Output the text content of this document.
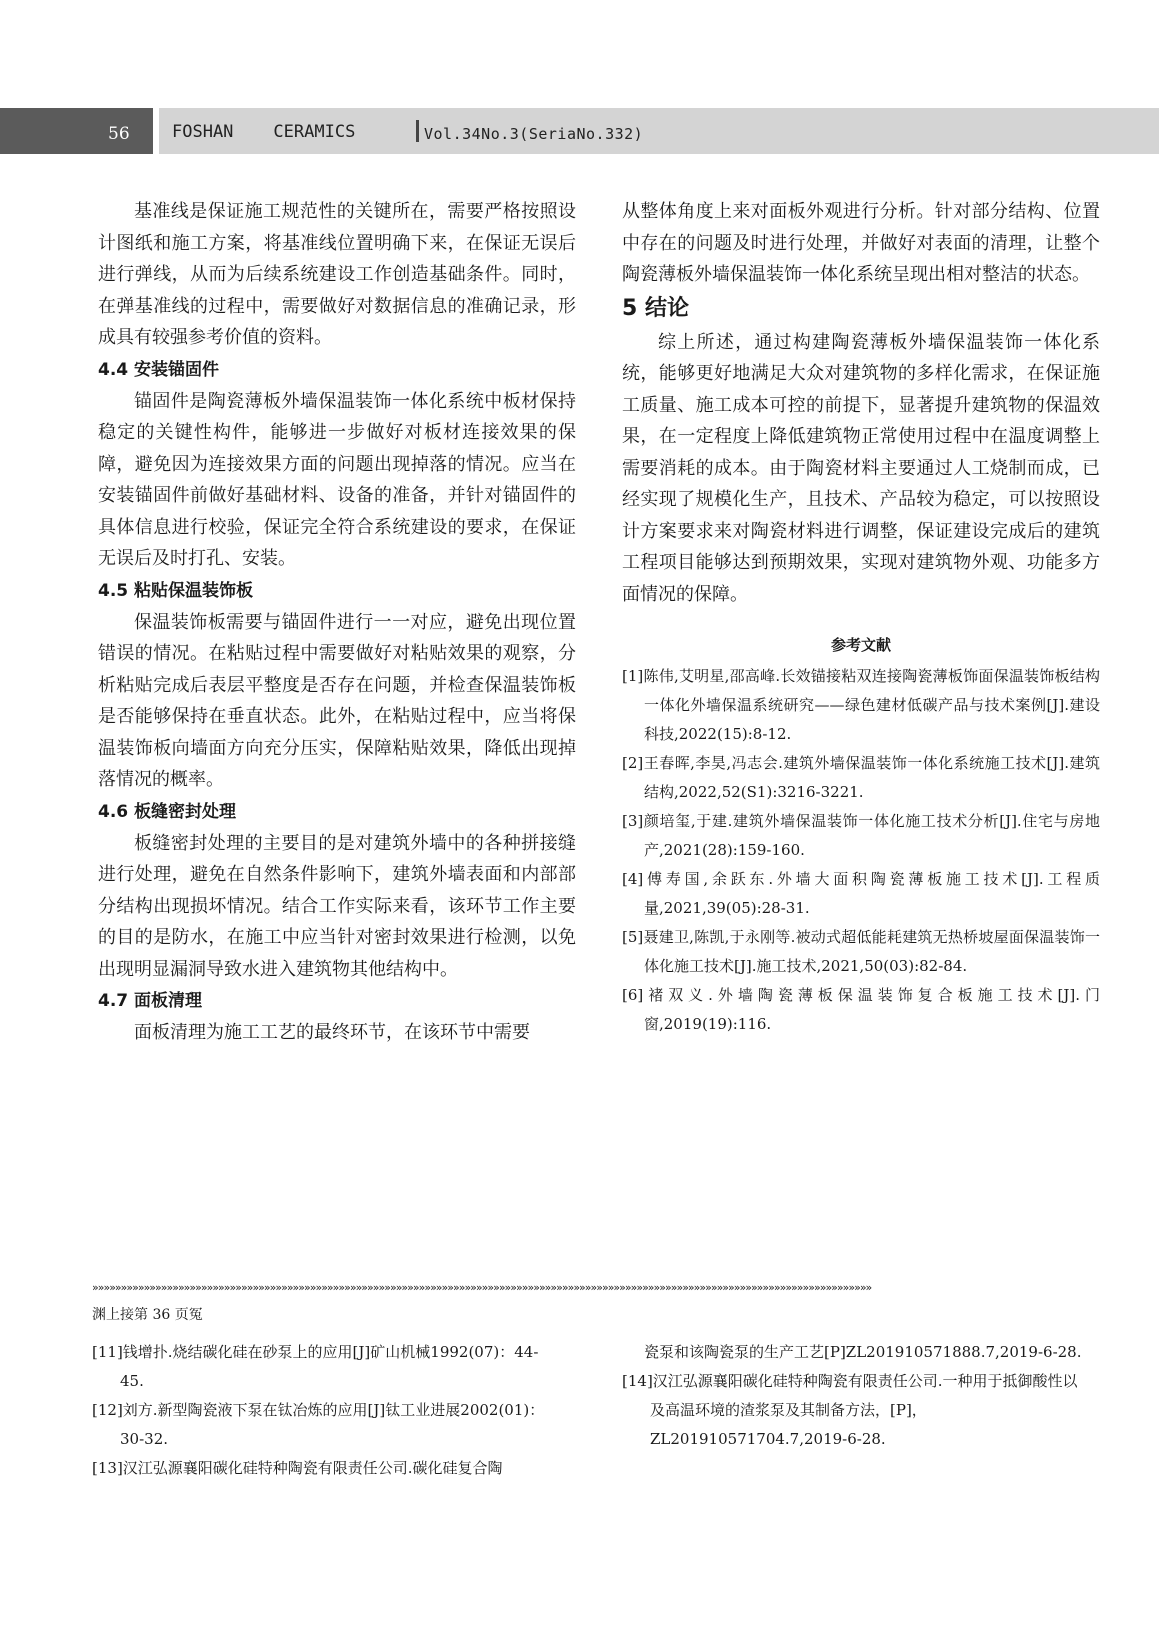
56 FOSHAN CERAMICS	Vol.34No.3(SeriaNo.332)

基准线是保证施工规范性的关键所在，需要严格按照设计图纸和施工方案，将基准线位置明确下来，在保证无误后进行弹线，从而为后续系统建设工作创造基础条件。同时，在弹基准线的过程中，需要做好对数据信息的准确记录，形成具有较强参考价值的资料。

4.4 安装锚固件

锚固件是陶瓷薄板外墙保温装饰一体化系统中板材保持稳定的关键性构件，能够进一步做好对板材连接效果的保障，避免因为连接效果方面的问题出现掉落的情况。应当在安装锚固件前做好基础材料、设备的准备，并针对锚固件的具体信息进行校验，保证完全符合系统建设的要求，在保证无误后及时打孔、安装。

4.5 粘贴保温装饰板

保温装饰板需要与锚固件进行一一对应，避免出现位置错误的情况。在粘贴过程中需要做好对粘贴效果的观察，分析粘贴完成后表层平整度是否存在问题，并检查保温装饰板是否能够保持在垂直状态。此外，在粘贴过程中，应当将保温装饰板向墙面方向充分压实，保障粘贴效果，降低出现掉落情况的概率。

4.6 板缝密封处理

板缝密封处理的主要目的是对建筑外墙中的各种拼接缝进行处理，避免在自然条件影响下，建筑外墙表面和内部部分结构出现损坏情况。结合工作实际来看，该环节工作主要的目的是防水，在施工中应当针对密封效果进行检测，以免出现明显漏洞导致水进入建筑物其他结构中。

4.7 面板清理

面板清理为施工工艺的最终环节，在该环节中需要

从整体角度上来对面板外观进行分析。针对部分结构、位置中存在的问题及时进行处理，并做好对表面的清理，让整个陶瓷薄板外墙保温装饰一体化系统呈现出相对整洁的状态。

5 结论

综上所述，通过构建陶瓷薄板外墙保温装饰一体化系统，能够更好地满足大众对建筑物的多样化需求，在保证施工质量、施工成本可控的前提下，显著提升建筑物的保温效果，在一定程度上降低建筑物正常使用过程中在温度调整上需要消耗的成本。由于陶瓷材料主要通过人工烧制而成，已经实现了规模化生产，且技术、产品较为稳定，可以按照设计方案要求来对陶瓷材料进行调整，保证建设完成后的建筑工程项目能够达到预期效果，实现对建筑物外观、功能多方面情况的保障。

参考文献

[1]陈伟,艾明星,邵高峰.长效锚接粘双连接陶瓷薄板饰面保温装饰板结构一体化外墙保温系统研究——绿色建材低碳产品与技术案例[J].建设科技,2022(15):8-12.

[2]王春晖,李昊,冯志会.建筑外墙保温装饰一体化系统施工技术[J].建筑结构,2022,52(S1):3216-3221.

[3]颜培玺,于建.建筑外墙保温装饰一体化施工技术分析[J].住宅与房地产,2021(28):159-160.

[4]傅寿国,余跃东.外墙大面积陶瓷薄板施工技术[J].工程质量,2021,39(05):28-31.

[5]聂建卫,陈凯,于永刚等.被动式超低能耗建筑无热桥坡屋面保温装饰一体化施工技术[J].施工技术,2021,50(03):82-84.

[6]褚双义.外墙陶瓷薄板保温装饰复合板施工技术[J].门窗,2019(19):116.

»»»»»»»»»»»»»»»»»»»»»»»»»»»»»»»»»»»»»»»»»»»»»»»»»»»»»»»»»»»»»»»»»»»»»»»»»»»»»»»»»»»»»»»»»»»»»»»»»»»»»»»»»»»»»»»»»»»»»»»»»»»»»»»»»»»»»»»»
渊上接第 36 页冤

[11]钱增扑.烧结碳化硅在砂泵上的应用[J]矿山机械1992(07)：44-45.

[12]刘方.新型陶瓷液下泵在钛冶炼的应用[J]钛工业进展2002(01)：30-32.

[13]汉江弘源襄阳碳化硅特种陶瓷有限责任公司.碳化硅复合陶

瓷泵和该陶瓷泵的生产工艺[P]ZL201910571888.7,2019-6-28.

[14]汉江弘源襄阳碳化硅特种陶瓷有限责任公司.一种用于抵御酸性以及高温环境的渣浆泵及其制备方法，[P]，ZL201910571704.7,2019-6-28.
